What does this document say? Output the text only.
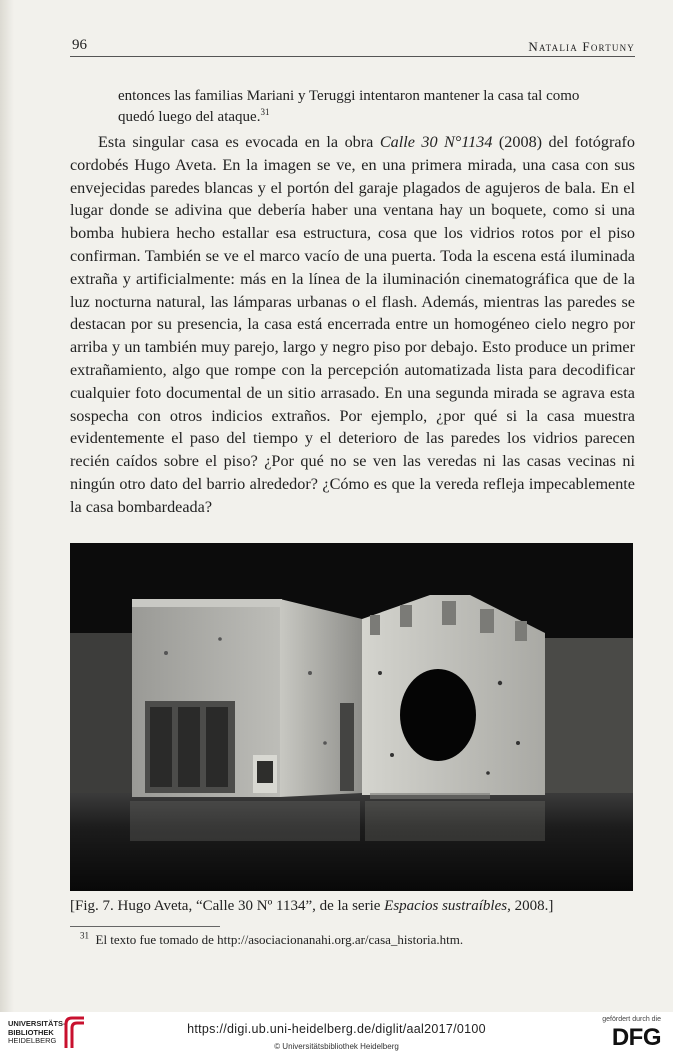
96	Natalia Fortuny

entonces las familias Mariani y Teruggi intentaron mantener la casa tal como quedó luego del ataque.$^{31}$

Esta singular casa es evocada en la obra Calle 30 N°1134 (2008) del fotógrafo cordobés Hugo Aveta. En la imagen se ve, en una primera mirada, una casa con sus envejecidas paredes blancas y el portón del garaje plagados de agujeros de bala. En el lugar donde se adivina que debería haber una ventana hay un boquete, como si una bomba hubiera hecho estallar esa estructura, cosa que los vidrios rotos por el piso confirman. También se ve el marco vacío de una puerta. Toda la escena está iluminada extraña y artificialmente: más en la línea de la iluminación cinematográfica que de la luz nocturna natural, las lámparas urbanas o el flash. Además, mientras las paredes se destacan por su presencia, la casa está encerrada entre un homogéneo cielo negro por arriba y un también muy parejo, largo y negro piso por debajo. Esto produce un primer extrañamiento, algo que rompe con la percepción automatizada lista para decodificar cualquier foto documental de un sitio arrasado. En una segunda mirada se agrava esta sospecha con otros indicios extraños. Por ejemplo, ¿por qué si la casa muestra evidentemente el paso del tiempo y el deterioro de las paredes los vidrios parecen recién caídos sobre el piso? ¿Por qué no se ven las veredas ni las casas vecinas ni ningún otro dato del barrio alrededor? ¿Cómo es que la vereda refleja impecablemente la casa bombardeada?

[Fig. 7. Hugo Aveta, “Calle 30 Nº 1134”, de la serie Espacios sustraíbles, 2008.]
$^{31}$ El texto fue tomado de http://asociacionanahi.org.ar/casa_historia.htm.
UNIVERSITÄTS-
BIBLIOTHEK
HEIDELBERG
https://digi.ub.uni-heidelberg.de/diglit/aal2017/0100
© Universitätsbibliothek Heidelberg
gefördert durch die
DFG
